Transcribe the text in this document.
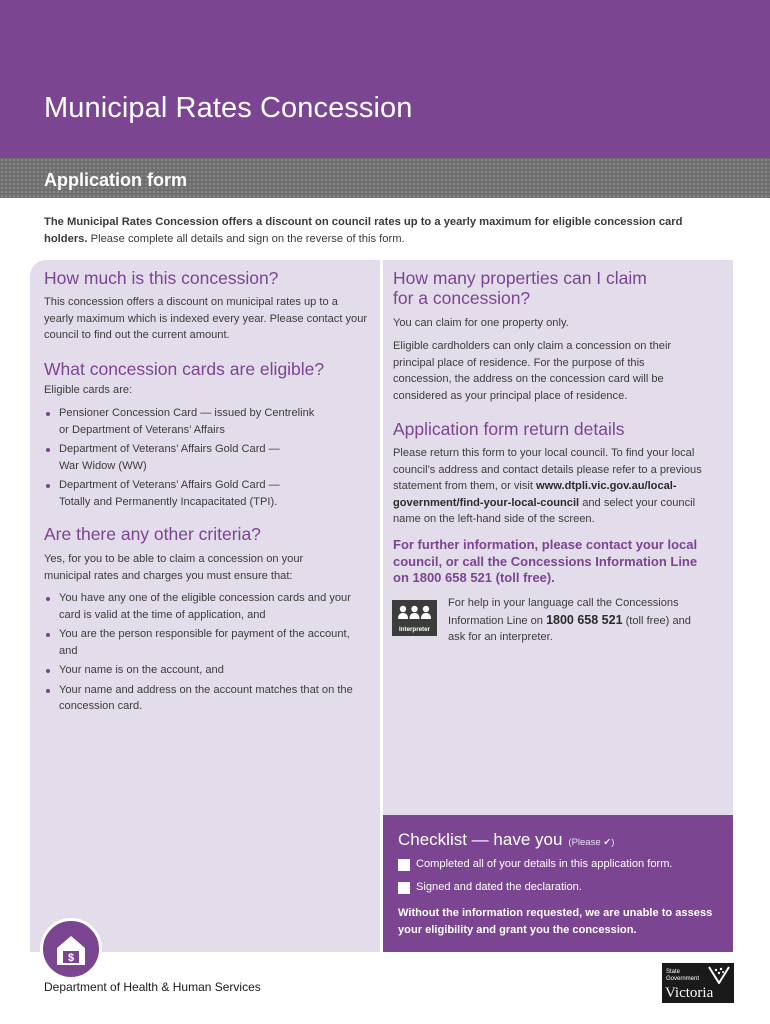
Municipal Rates Concession
Application form

The Municipal Rates Concession offers a discount on council rates up to a yearly maximum for eligible concession card holders. Please complete all details and sign on the reverse of this form.

How much is this concession?

This concession offers a discount on municipal rates up to a yearly maximum which is indexed every year. Please contact your council to find out the current amount.

What concession cards are eligible?

Eligible cards are:

Pensioner Concession Card — issued by Centrelink
or Department of Veterans’ Affairs
Department of Veterans’ Affairs Gold Card —
War Widow (WW)
Department of Veterans’ Affairs Gold Card —
Totally and Permanently Incapacitated (TPI).
Are there any other criteria?

Yes, for you to be able to claim a concession on your municipal rates and charges you must ensure that:

You have any one of the eligible concession cards and your card is valid at the time of application, and
You are the person responsible for payment of the account, and
Your name is on the account, and
Your name and address on the account matches that on the concession card.
How many properties can I claim
for a concession?

You can claim for one property only.

Eligible cardholders can only claim a concession on their principal place of residence. For the purpose of this concession, the address on the concession card will be considered as your principal place of residence.

Application form return details

Please return this form to your local council. To find your local council’s address and contact details please refer to a previous statement from them, or visit www.dtpli.vic.gov.au/local-government/find-your-local-council and select your council name on the left-hand side of the screen.

For further information, please contact your local council, or call the Concessions Information Line on 1800 658 521 (toll free).

Interpreter

For help in your language call the Concessions Information Line on 1800 658 521 (toll free) and ask for an interpreter.

Checklist — have you (Please ✔)
Completed all of your details in this application form.
Signed and dated the declaration.
Without the information requested, we are unable to assess your eligibility and grant you the concession.
$
Department of Health & Human Services
State
Government
Victoria
